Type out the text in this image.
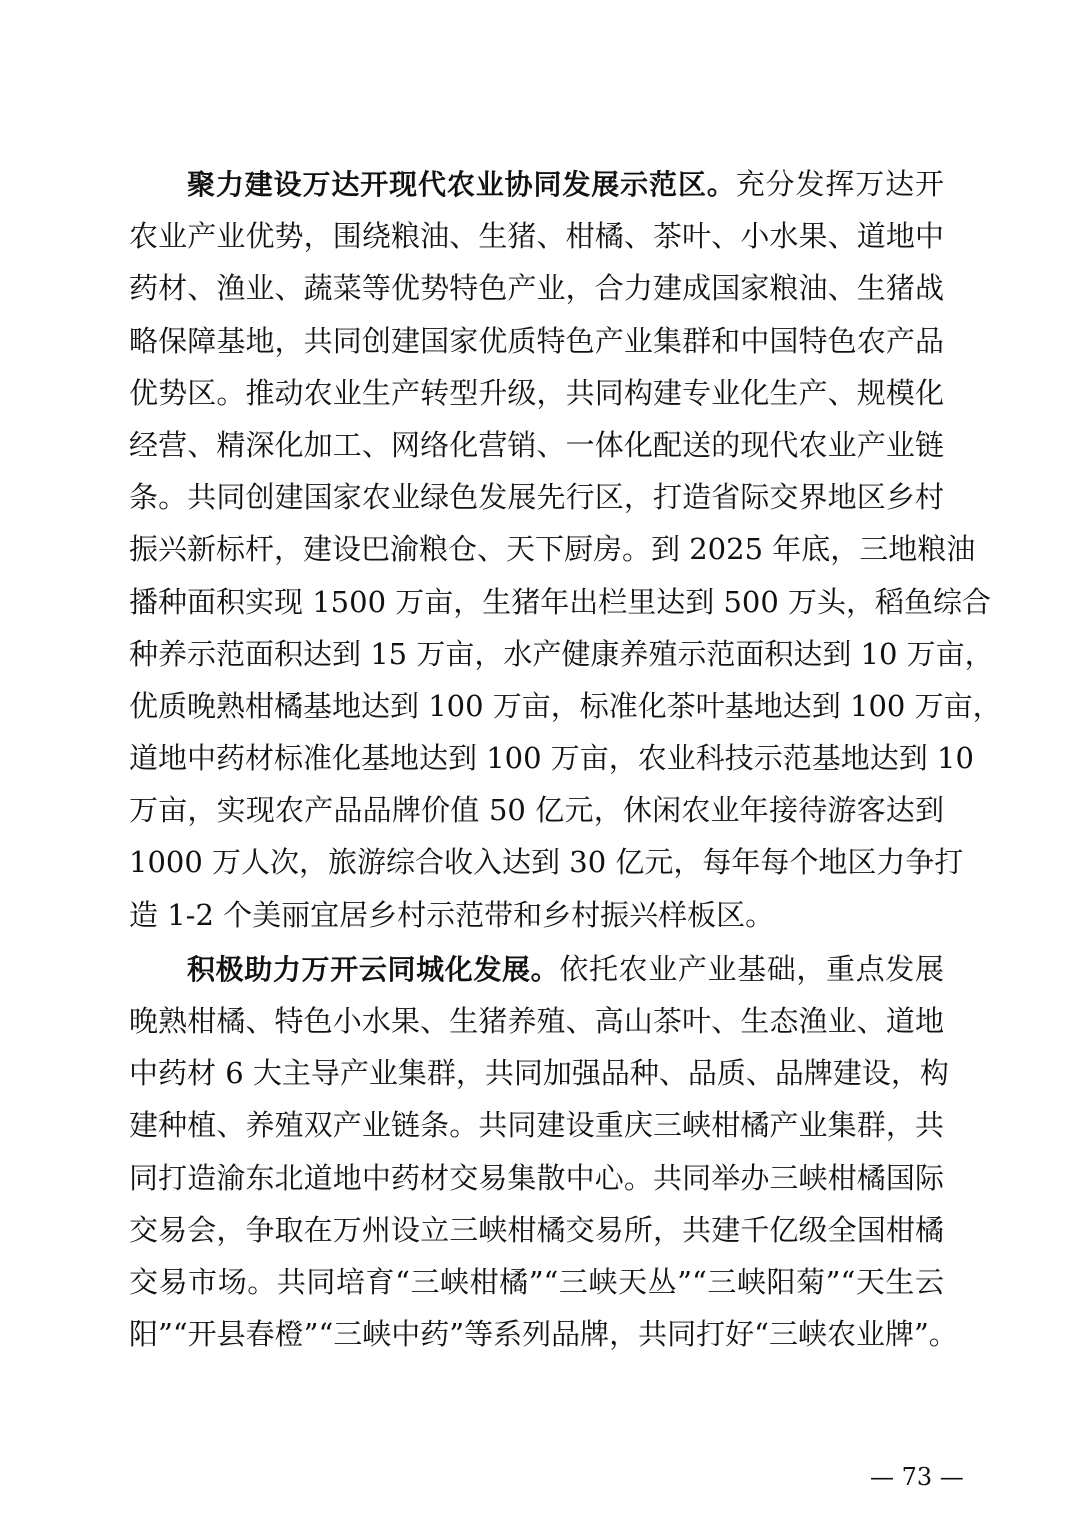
聚力建设万达开现代农业协同发展示范区。充分发挥万达开
农业产业优势，围绕粮油、生猪、柑橘、茶叶、小水果、道地中
药材、渔业、蔬菜等优势特色产业，合力建成国家粮油、生猪战
略保障基地，共同创建国家优质特色产业集群和中国特色农产品
优势区。推动农业生产转型升级，共同构建专业化生产、规模化
经营、精深化加工、网络化营销、一体化配送的现代农业产业链
条。共同创建国家农业绿色发展先行区，打造省际交界地区乡村
振兴新标杆，建设巴渝粮仓、天下厨房。到 2025 年底，三地粮油
播种面积实现 1500 万亩，生猪年出栏里达到 500 万头，稻鱼综合
种养示范面积达到 15 万亩，水产健康养殖示范面积达到 10 万亩，
优质晚熟柑橘基地达到 100 万亩，标准化茶叶基地达到 100 万亩，
道地中药材标准化基地达到 100 万亩，农业科技示范基地达到 10
万亩，实现农产品品牌价值 50 亿元，休闲农业年接待游客达到
1000 万人次，旅游综合收入达到 30 亿元，每年每个地区力争打
造 1-2 个美丽宜居乡村示范带和乡村振兴样板区。
积极助力万开云同城化发展。依托农业产业基础，重点发展
晚熟柑橘、特色小水果、生猪养殖、高山茶叶、生态渔业、道地
中药材 6 大主导产业集群，共同加强品种、品质、品牌建设，构
建种植、养殖双产业链条。共同建设重庆三峡柑橘产业集群，共
同打造渝东北道地中药材交易集散中心。共同举办三峡柑橘国际
交易会，争取在万州设立三峡柑橘交易所，共建千亿级全国柑橘
交易市场。共同培育“三峡柑橘”“三峡天丛”“三峡阳菊”“天生云
阳”“开县春橙”“三峡中药”等系列品牌，共同打好“三峡农业牌”。
— 73 —
